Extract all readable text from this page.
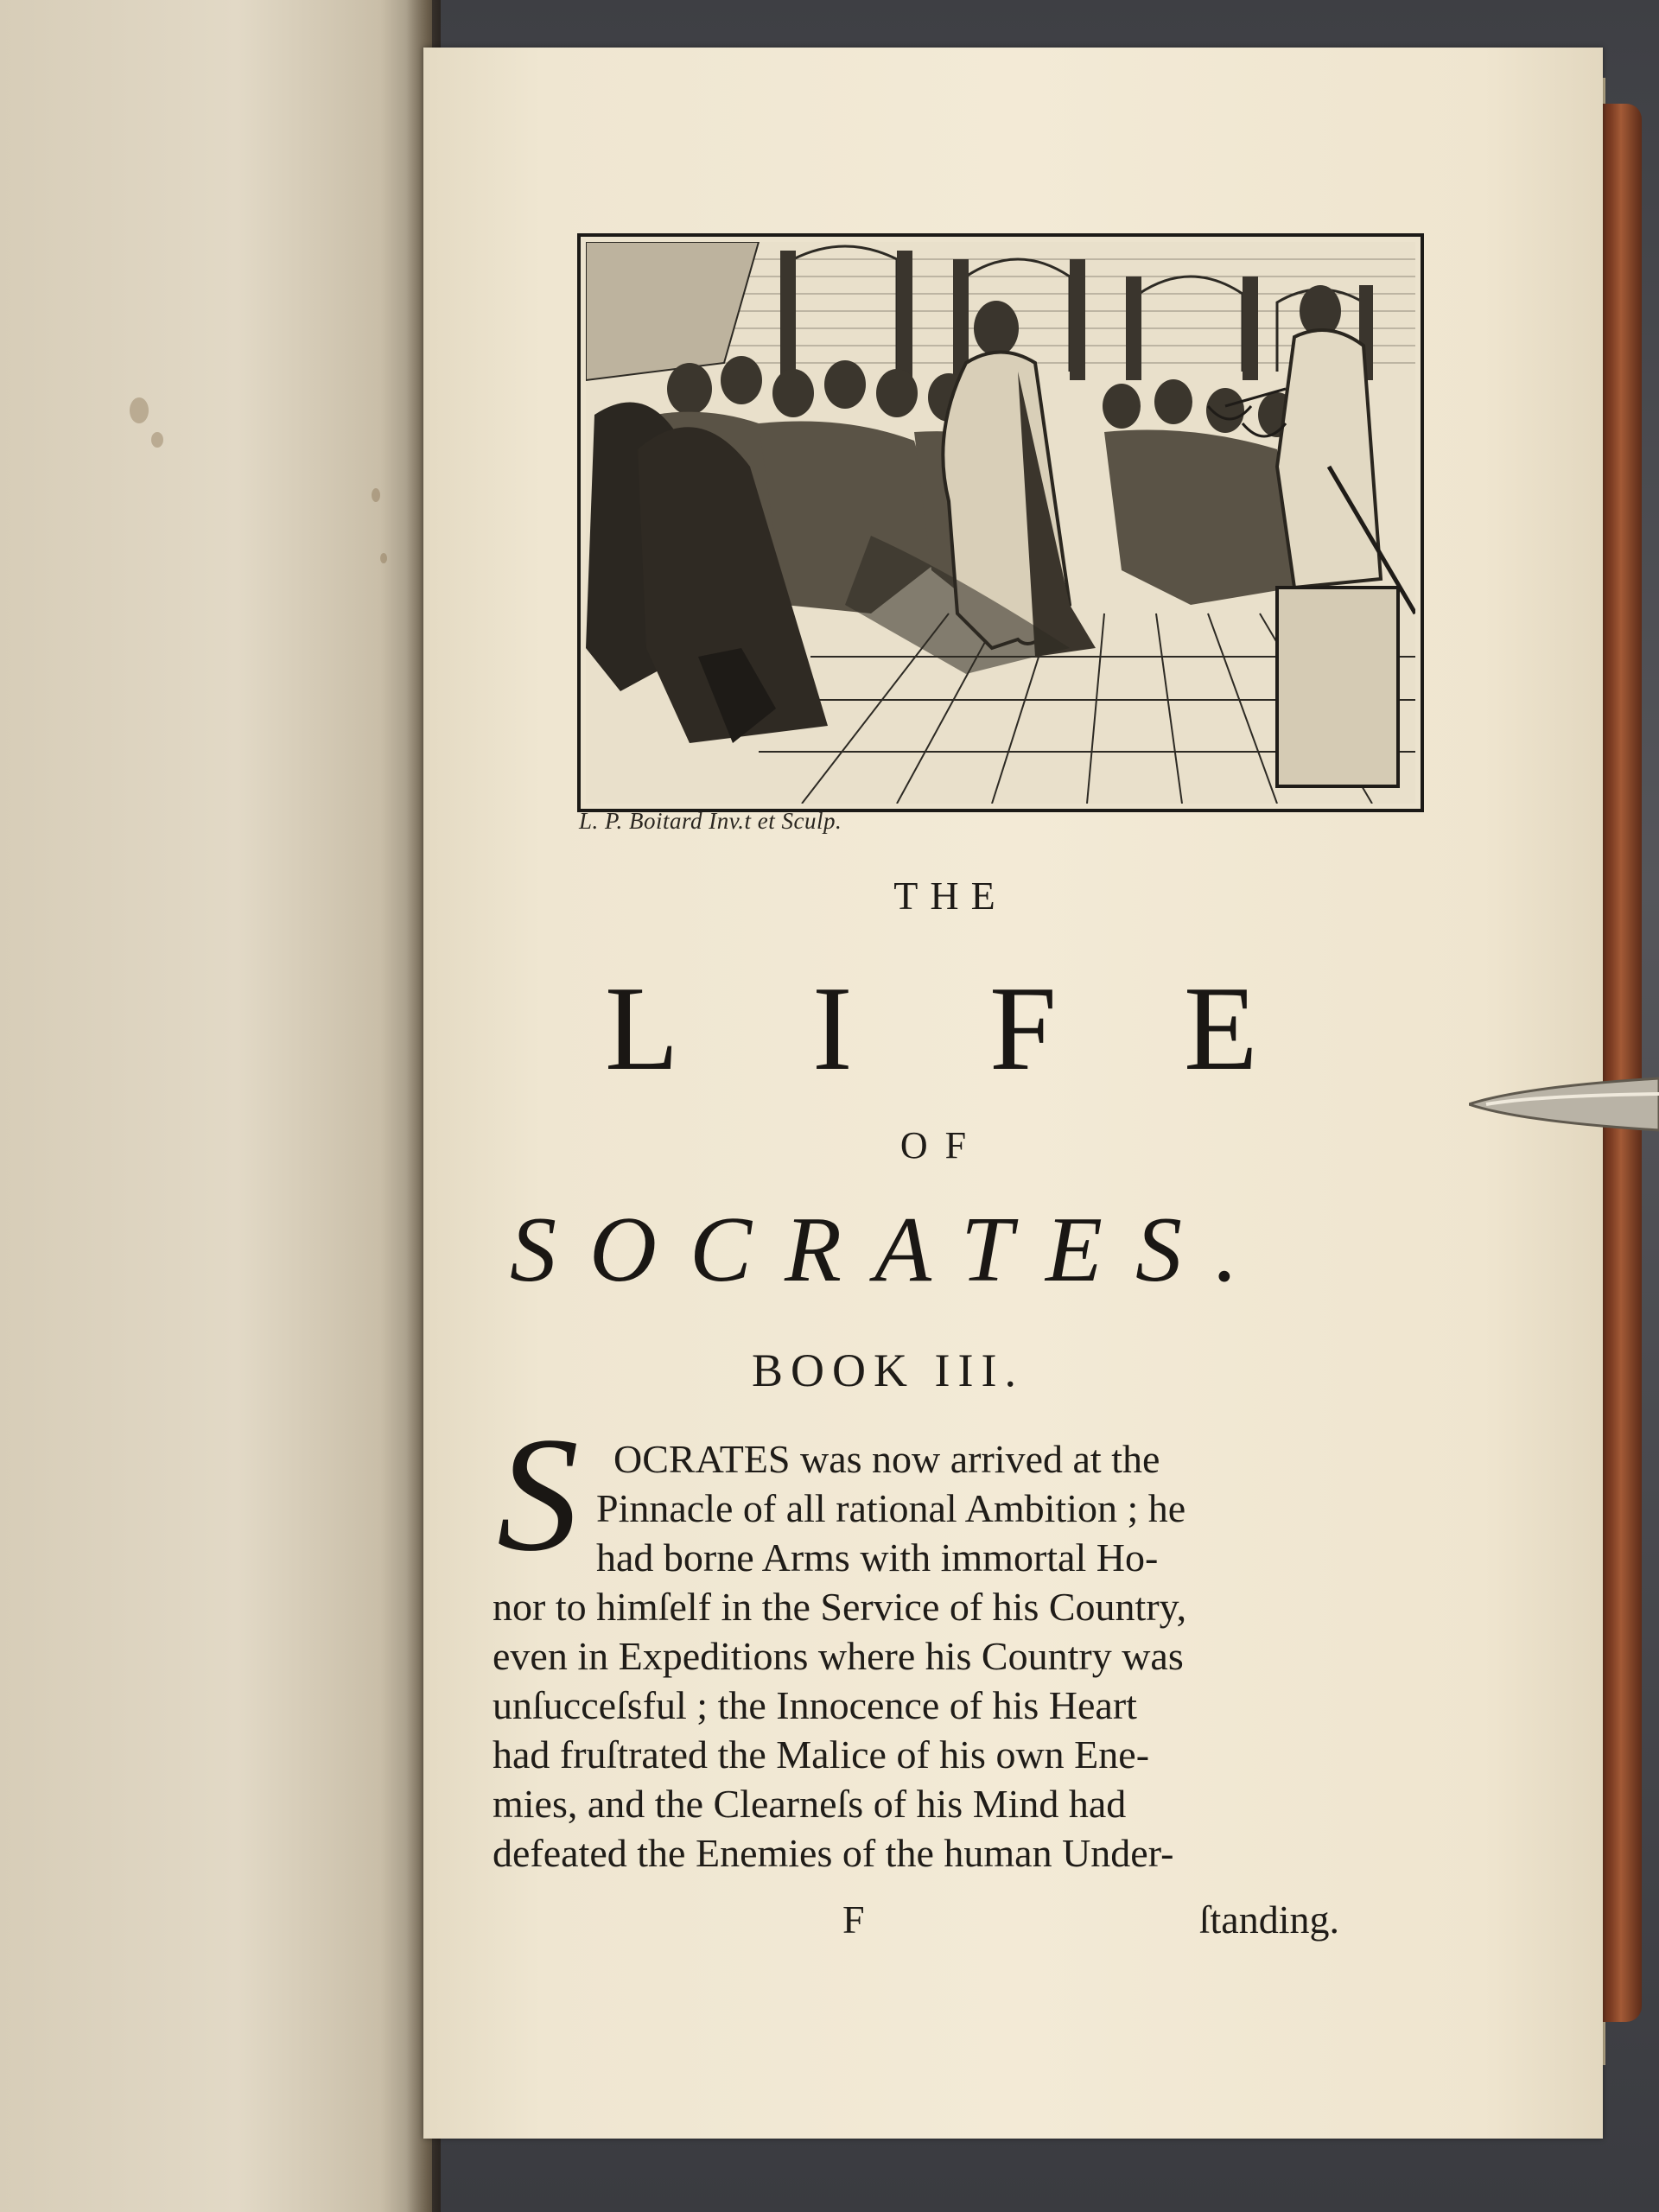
L. P. Boitard Inv.t et Sculp.
THE
L I F E
OF
SOCRATES.
BOOK III.
S OCRATES was now arrived at the
Pinnacle of all rational Ambition ; he
had borne Arms with immortal Ho-
nor to himſelf in the Service of his Country,
even in Expeditions where his Country was
unſucceſsful ; the Innocence of his Heart
had fruſtrated the Malice of his own Ene-
mies, and the Clearneſs of his Mind had
defeated the Enemies of the human Under-
F	ſtanding.
